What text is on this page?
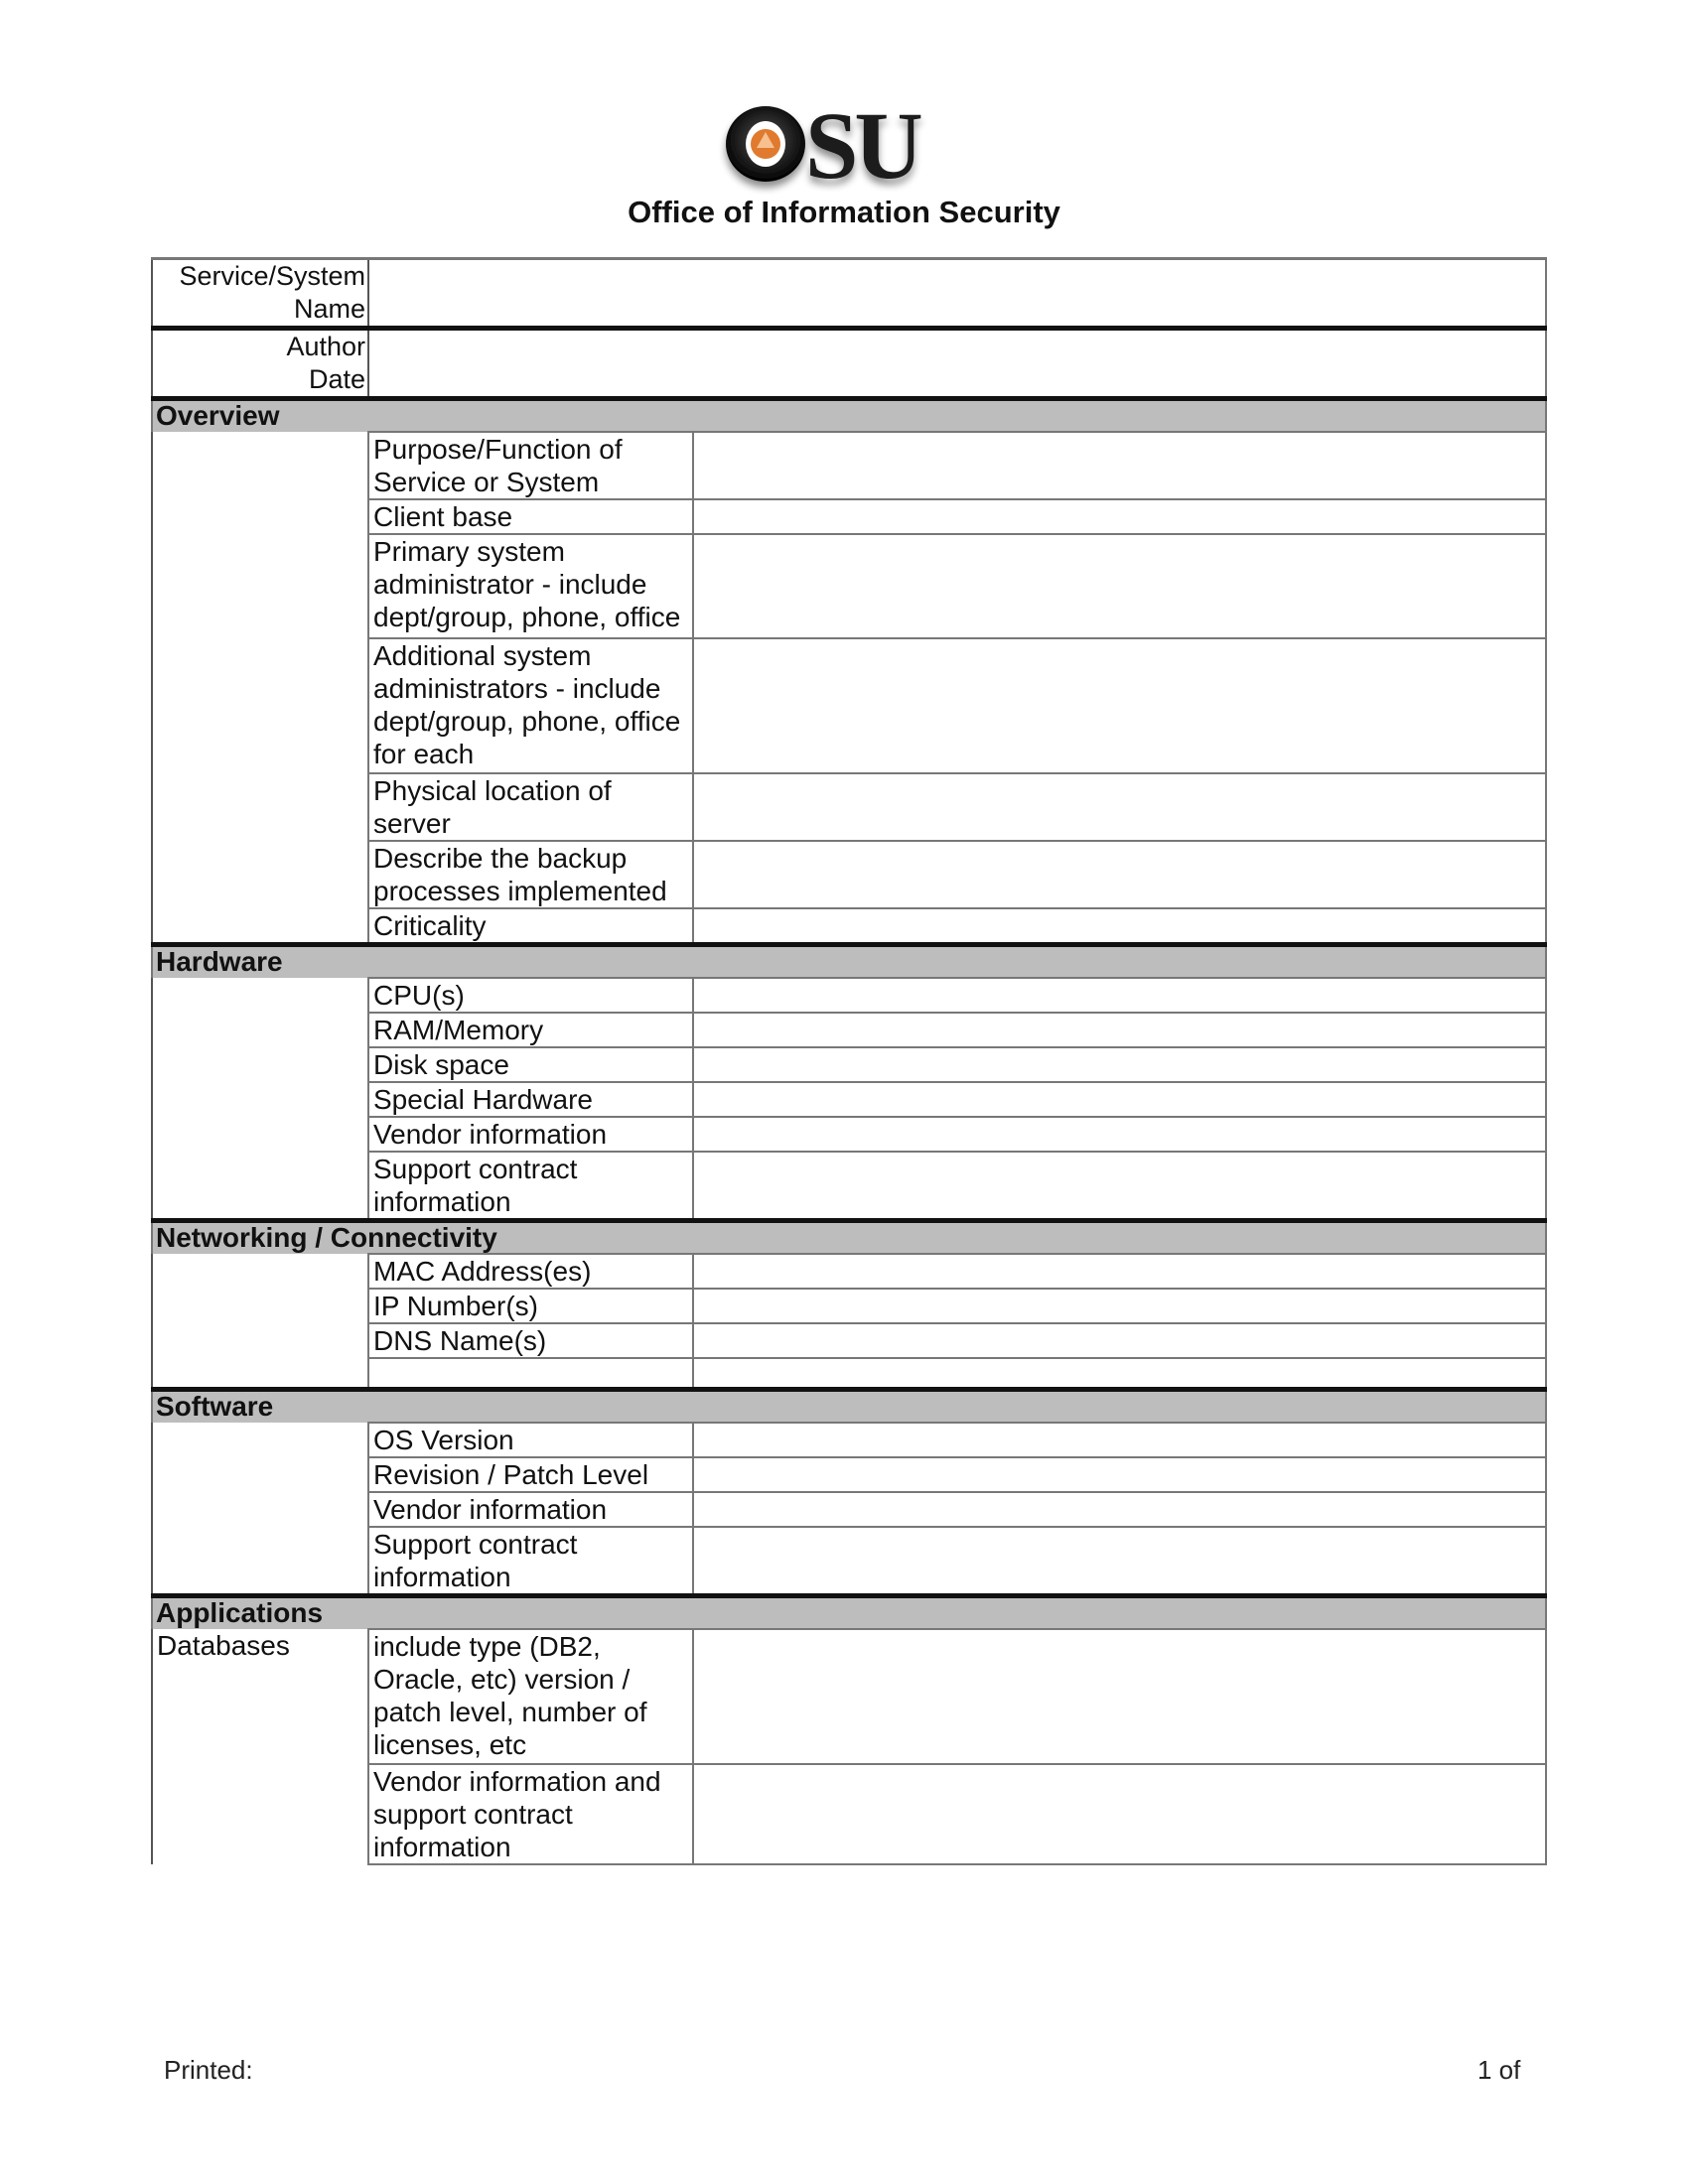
SU
Office of Information Security
Service/System Name		
Author Date		
Overview		
	Purpose/Function of Service or System	
	Client base	
	Primary system administrator - include dept/group, phone, office	
	Additional system administrators - include dept/group, phone, office for each	
	Physical location of server	
	Describe the backup processes implemented	
	Criticality	
Hardware		
	CPU(s)	
	RAM/Memory	
	Disk space	
	Special Hardware	
	Vendor information	
	Support contract information	
Networking / Connectivity		
	MAC Address(es)	
	IP Number(s)	
	DNS Name(s)	

Software		
	OS Version	
	Revision / Patch Level	
	Vendor information	
	Support contract information	
Applications		
Databases	include type (DB2, Oracle, etc) version / patch level, number of licenses, etc	
	Vendor information and support contract information	
Printed:	1 of
